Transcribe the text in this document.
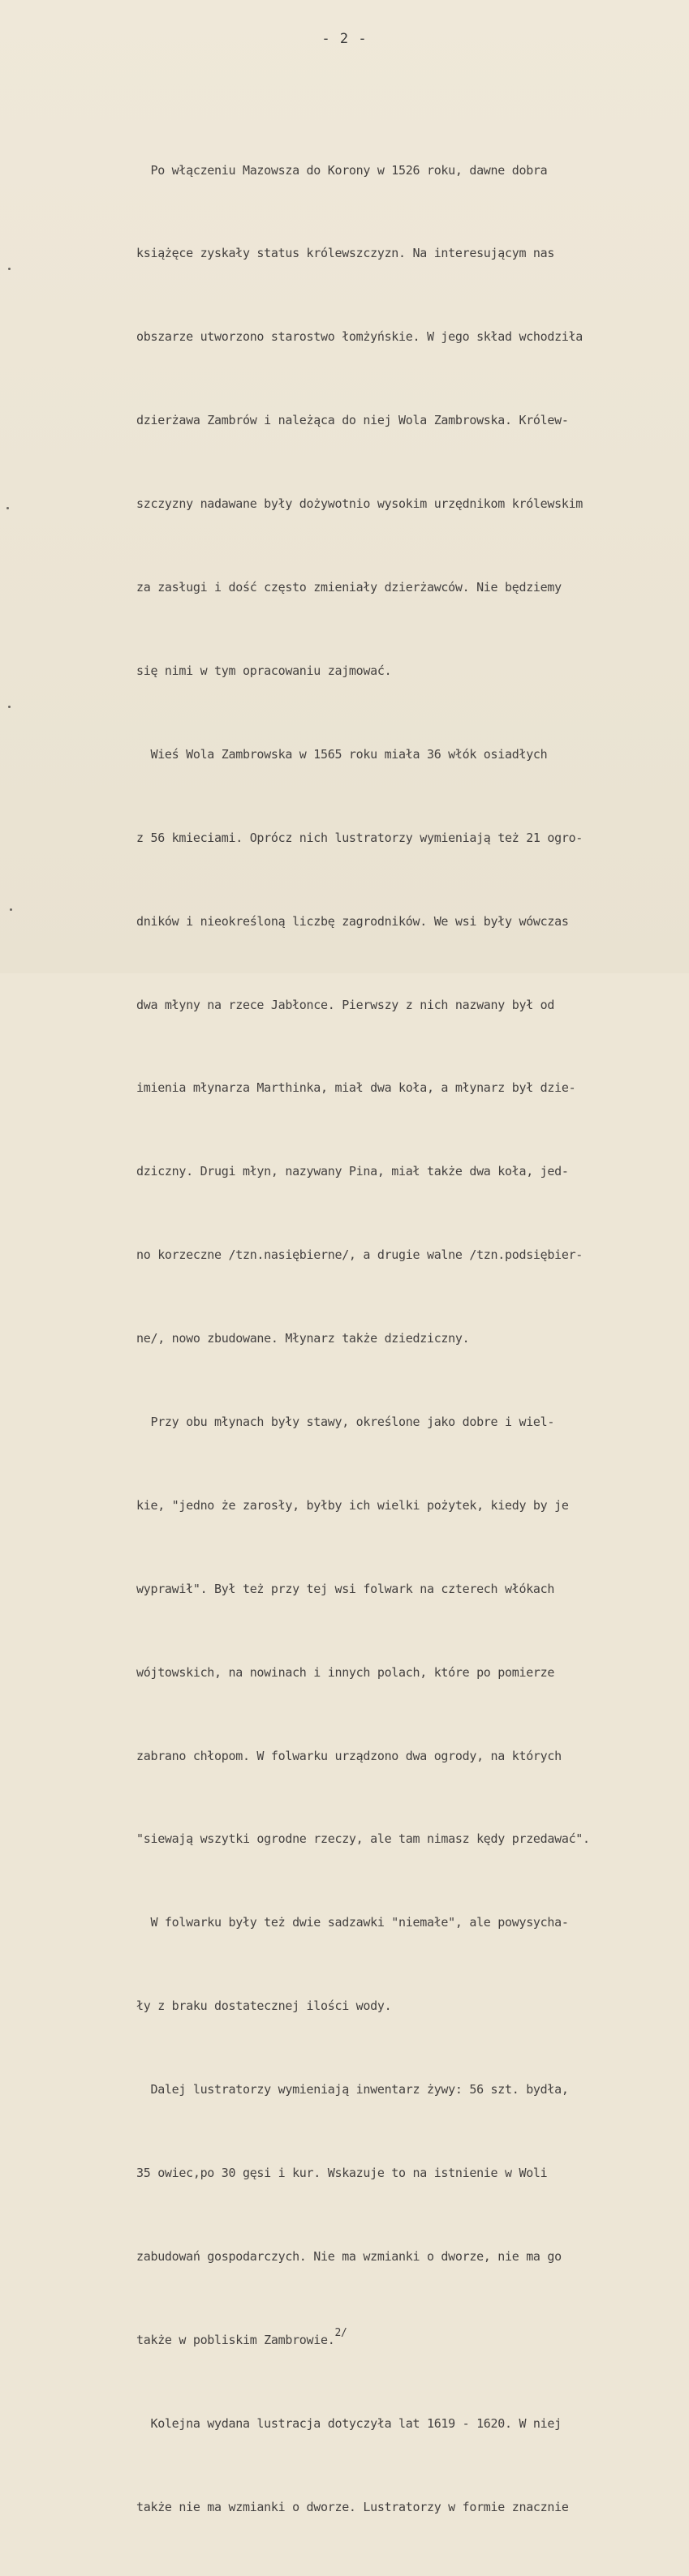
- 2 -

Po włączeniu Mazowsza do Korony w 1526 roku, dawne dobra

książęce zyskały status królewszczyzn. Na interesującym nas

obszarze utworzono starostwo łomżyńskie. W jego skład wchodziła

dzierżawa Zambrów i należąca do niej Wola Zambrowska. Królew-

szczyzny nadawane były dożywotnio wysokim urzędnikom królewskim

za zasługi i dość często zmieniały dzierżawców. Nie będziemy

się nimi w tym opracowaniu zajmować.

Wieś Wola Zambrowska w 1565 roku miała 36 włók osiadłych

z 56 kmieciami. Oprócz nich lustratorzy wymieniają też 21 ogro-

dników i nieokreśloną liczbę zagrodników. We wsi były wówczas

dwa młyny na rzece Jabłonce. Pierwszy z nich nazwany był od

imienia młynarza Marthinka, miał dwa koła, a młynarz był dzie-

dziczny. Drugi młyn, nazywany Pina, miał także dwa koła, jed-

no korzeczne /tzn.nasiębierne/, a drugie walne /tzn.podsiębier-

ne/, nowo zbudowane. Młynarz także dziedziczny.

Przy obu młynach były stawy, określone jako dobre i wiel-

kie, "jedno że zarosły, byłby ich wielki pożytek, kiedy by je

wyprawił". Był też przy tej wsi folwark na czterech włókach

wójtowskich, na nowinach i innych polach, które po pomierze

zabrano chłopom. W folwarku urządzono dwa ogrody, na których

"siewają wszytki ogrodne rzeczy, ale tam nimasz kędy przedawać".

W folwarku były też dwie sadzawki "niemałe", ale powysycha-

ły z braku dostatecznej ilości wody.

Dalej lustratorzy wymieniają inwentarz żywy: 56 szt. bydła,

35 owiec,po 30 gęsi i kur. Wskazuje to na istnienie w Woli

zabudowań gospodarczych. Nie ma wzmianki o dworze, nie ma go

także w pobliskim Zambrowie.2/

Kolejna wydana lustracja dotyczyła lat 1619 - 1620. W niej

także nie ma wzmianki o dworze. Lustratorzy w formie znacznie
